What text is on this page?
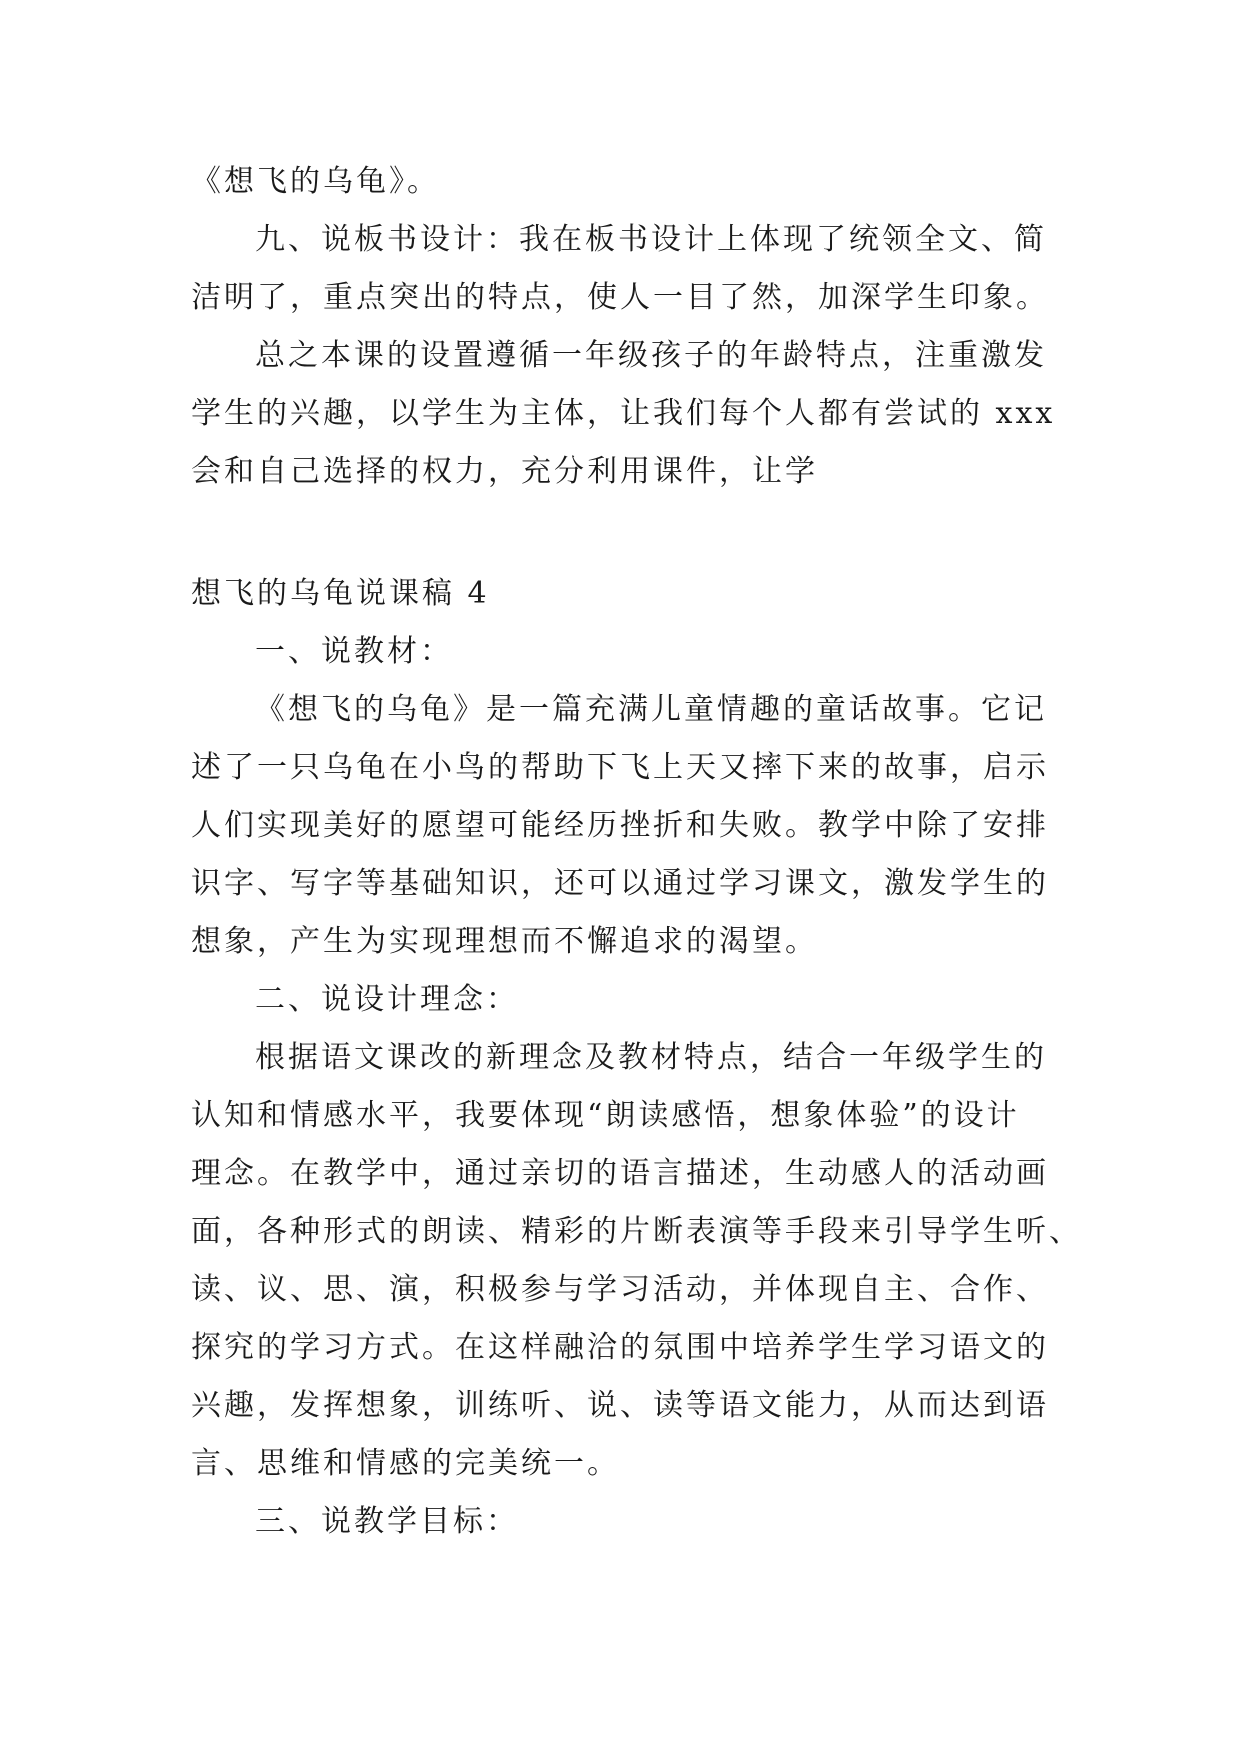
《想飞的乌龟》。
九、说板书设计：我在板书设计上体现了统领全文、简
洁明了，重点突出的特点，使人一目了然，加深学生印象。
总之本课的设置遵循一年级孩子的年龄特点，注重激发
学生的兴趣，以学生为主体，让我们每个人都有尝试的 xxx
会和自己选择的权力，充分利用课件，让学
想飞的乌龟说课稿 4
一、说教材：
《想飞的乌龟》是一篇充满儿童情趣的童话故事。它记
述了一只乌龟在小鸟的帮助下飞上天又摔下来的故事，启示
人们实现美好的愿望可能经历挫折和失败。教学中除了安排
识字、写字等基础知识，还可以通过学习课文，激发学生的
想象，产生为实现理想而不懈追求的渴望。
二、说设计理念：
根据语文课改的新理念及教材特点，结合一年级学生的
认知和情感水平，我要体现“朗读感悟，想象体验”的设计
理念。在教学中，通过亲切的语言描述，生动感人的活动画
面，各种形式的朗读、精彩的片断表演等手段来引导学生听、
读、议、思、演，积极参与学习活动，并体现自主、合作、
探究的学习方式。在这样融洽的氛围中培养学生学习语文的
兴趣，发挥想象，训练听、说、读等语文能力，从而达到语
言、思维和情感的完美统一。
三、说教学目标：
